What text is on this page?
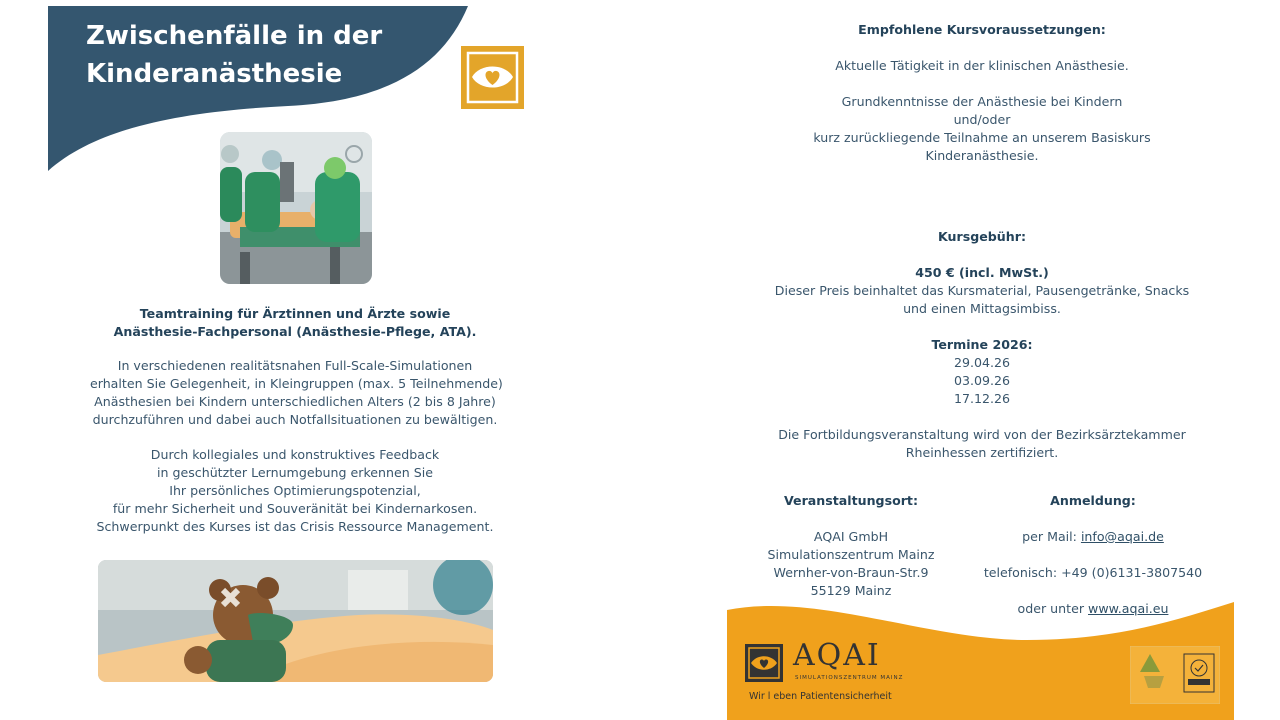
Zwischenfälle in der
Kinderanästhesie
Teamtraining für Ärztinnen und Ärzte sowie
Anästhesie-Fachpersonal (Anästhesie-Pflege, ATA).
In verschiedenen realitätsnahen Full-Scale-Simulationen
erhalten Sie Gelegenheit, in Kleingruppen (max. 5 Teilnehmende)
Anästhesien bei Kindern unterschiedlichen Alters (2 bis 8 Jahre)
durchzuführen und dabei auch Notfallsituationen zu bewältigen.
Durch kollegiales und konstruktives Feedback
in geschützter Lernumgebung erkennen Sie
Ihr persönliches Optimierungspotenzial,
für mehr Sicherheit und Souveränität bei Kindernarkosen.
Schwerpunkt des Kurses ist das Crisis Ressource Management.
Empfohlene Kursvoraussetzungen:
Aktuelle Tätigkeit in der klinischen Anästhesie.
Grundkenntnisse der Anästhesie bei Kindern
und/oder
kurz zurückliegende Teilnahme an unserem Basiskurs
Kinderanästhesie.
Kursgebühr:
450 € (incl. MwSt.)
Dieser Preis beinhaltet das Kursmaterial, Pausengetränke, Snacks
und einen Mittagsimbiss.
Termine 2026:
29.04.26
03.09.26
17.12.26
Die Fortbildungsveranstaltung wird von der Bezirksärztekammer
Rheinhessen zertifiziert.
Veranstaltungsort:
AQAI GmbH
Simulationszentrum Mainz
Wernher-von-Braun-Str.9
55129 Mainz
Anmeldung:
per Mail: info@aqai.de
telefonisch: +49 (0)6131-3807540
oder unter www.aqai.eu
AQAI
SIMULATIONSZENTRUM MAINZ
Wir l eben Patientensicherheit
